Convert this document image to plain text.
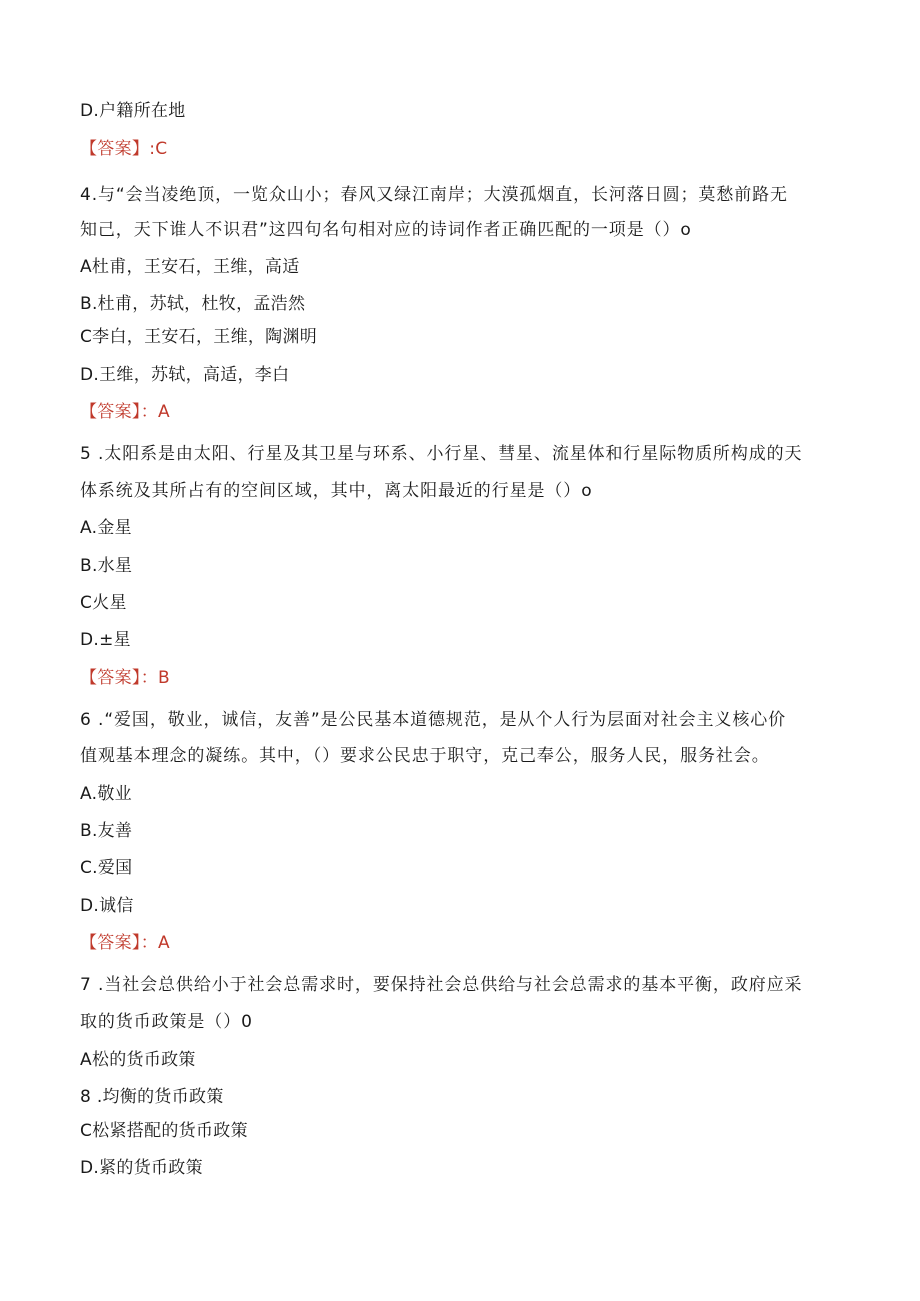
D.户籍所在地
【答案】:C
4.与“会当凌绝顶，一览众山小；春风又绿江南岸；大漠孤烟直，长河落日圆；莫愁前路无
知己，天下谁人不识君”这四句名句相对应的诗词作者正确匹配的一项是（）o
A杜甫，王安石，王维，高适
B.杜甫，苏轼，杜牧，孟浩然
C李白，王安石，王维，陶渊明
D.王维，苏轼，高适，李白
【答案】：A
5 .太阳系是由太阳、行星及其卫星与环系、小行星、彗星、流星体和行星际物质所构成的天
体系统及其所占有的空间区域，其中，离太阳最近的行星是（）o
A.金星
B.水星
C火星
D.±星
【答案】：B
6 .“爱国，敬业，诚信，友善”是公民基本道德规范，是从个人行为层面对社会主义核心价
值观基本理念的凝练。其中，（）要求公民忠于职守，克己奉公，服务人民，服务社会。
A.敬业
B.友善
C.爱国
D.诚信
【答案】：A
7 .当社会总供给小于社会总需求时，要保持社会总供给与社会总需求的基本平衡，政府应采
取的货币政策是（）0
A松的货币政策
8 .均衡的货币政策
C松紧搭配的货币政策
D.紧的货币政策
